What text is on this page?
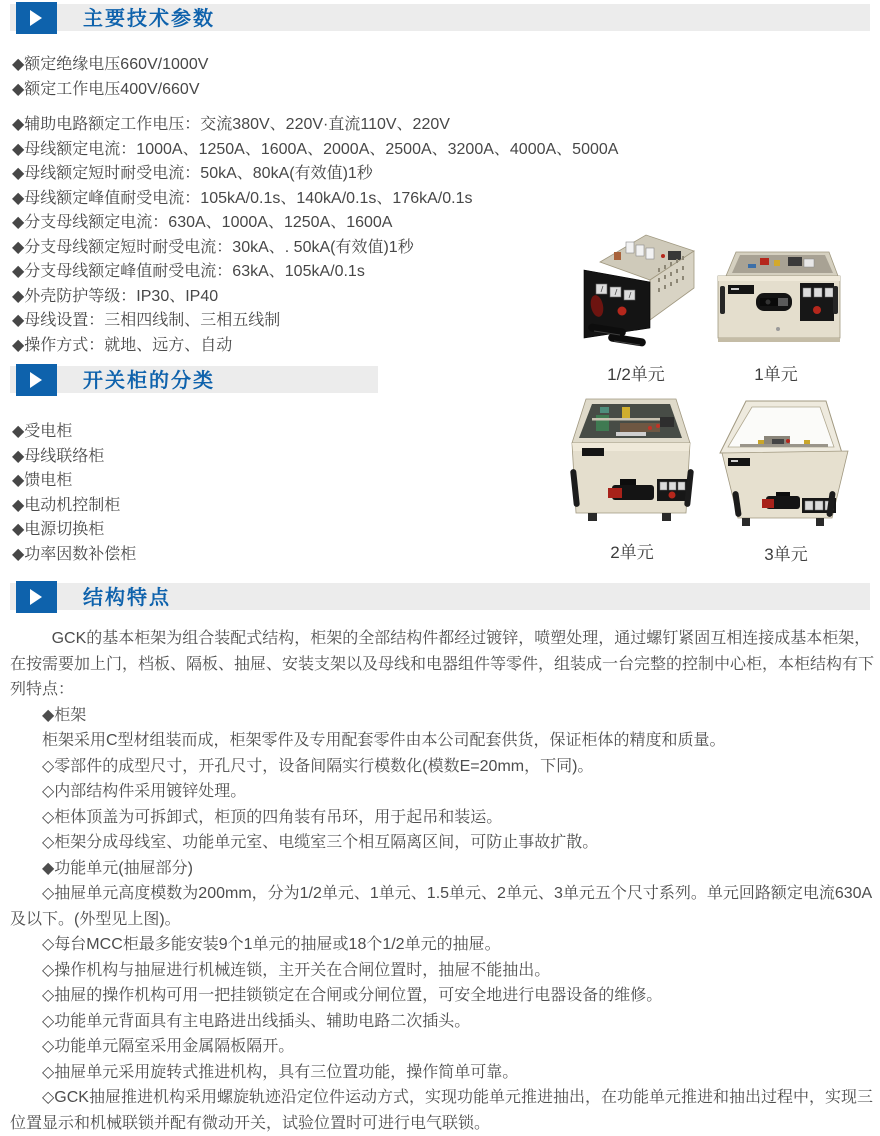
主要技术参数
◆额定绝缘电压660V/1000V
◆额定工作电压400V/660V
◆辅助电路额定工作电压：交流380V、220V·直流110V、220V
◆母线额定电流：1000A、1250A、1600A、2000A、2500A、3200A、4000A、5000A
◆母线额定短时耐受电流：50kA、80kA(有效值)1秒
◆母线额定峰值耐受电流：105kA/0.1s、140kA/0.1s、176kA/0.1s
◆分支母线额定电流：630A、1000A、1250A、1600A
◆分支母线额定短时耐受电流：30kA、. 50kA(有效值)1秒
◆分支母线额定峰值耐受电流：63kA、105kA/0.1s
◆外壳防护等级：IP30、IP40
◆母线设置：三相四线制、三相五线制
◆操作方式：就地、远方、自动
开关柜的分类
◆受电柜
◆母线联络柜
◆馈电柜
◆电动机控制柜
◆电源切换柜
◆功率因数补偿柜
1/2单元	1单元
2单元	3单元
结构特点

GCK的基本柜架为组合装配式结构，柜架的全部结构件都经过镀锌，喷塑处理，通过螺钉紧固互相连接成基本柜架，在按需要加上门，档板、隔板、抽屉、安装支架以及母线和电器组件等零件，组装成一台完整的控制中心柜，本柜结构有下列特点：

◆柜架

柜架采用C型材组装而成，柜架零件及专用配套零件由本公司配套供货，保证柜体的精度和质量。

◇零部件的成型尺寸，开孔尺寸，设备间隔实行模数化(模数E=20mm，下同)。

◇内部结构件采用镀锌处理。

◇柜体顶盖为可拆卸式，柜顶的四角装有吊环，用于起吊和装运。

◇柜架分成母线室、功能单元室、电缆室三个相互隔离区间，可防止事故扩散。

◆功能单元(抽屉部分)

◇抽屉单元高度模数为200mm，分为1/2单元、1单元、1.5单元、2单元、3单元五个尺寸系列。单元回路额定电流630A及以下。(外型见上图)。

◇每台MCC柜最多能安装9个1单元的抽屉或18个1/2单元的抽屉。

◇操作机构与抽屉进行机械连锁，主开关在合闸位置时，抽屉不能抽出。

◇抽屉的操作机构可用一把挂锁锁定在合闸或分闸位置，可安全地进行电器设备的维修。

◇功能单元背面具有主电路进出线插头、辅助电路二次插头。

◇功能单元隔室采用金属隔板隔开。

◇抽屉单元采用旋转式推进机构，具有三位置功能，操作简单可靠。

◇GCK抽屉推进机构采用螺旋轨迹沿定位件运动方式，实现功能单元推进抽出，在功能单元推进和抽出过程中，实现三位置显示和机械联锁并配有微动开关，试验位置时可进行电气联锁。
